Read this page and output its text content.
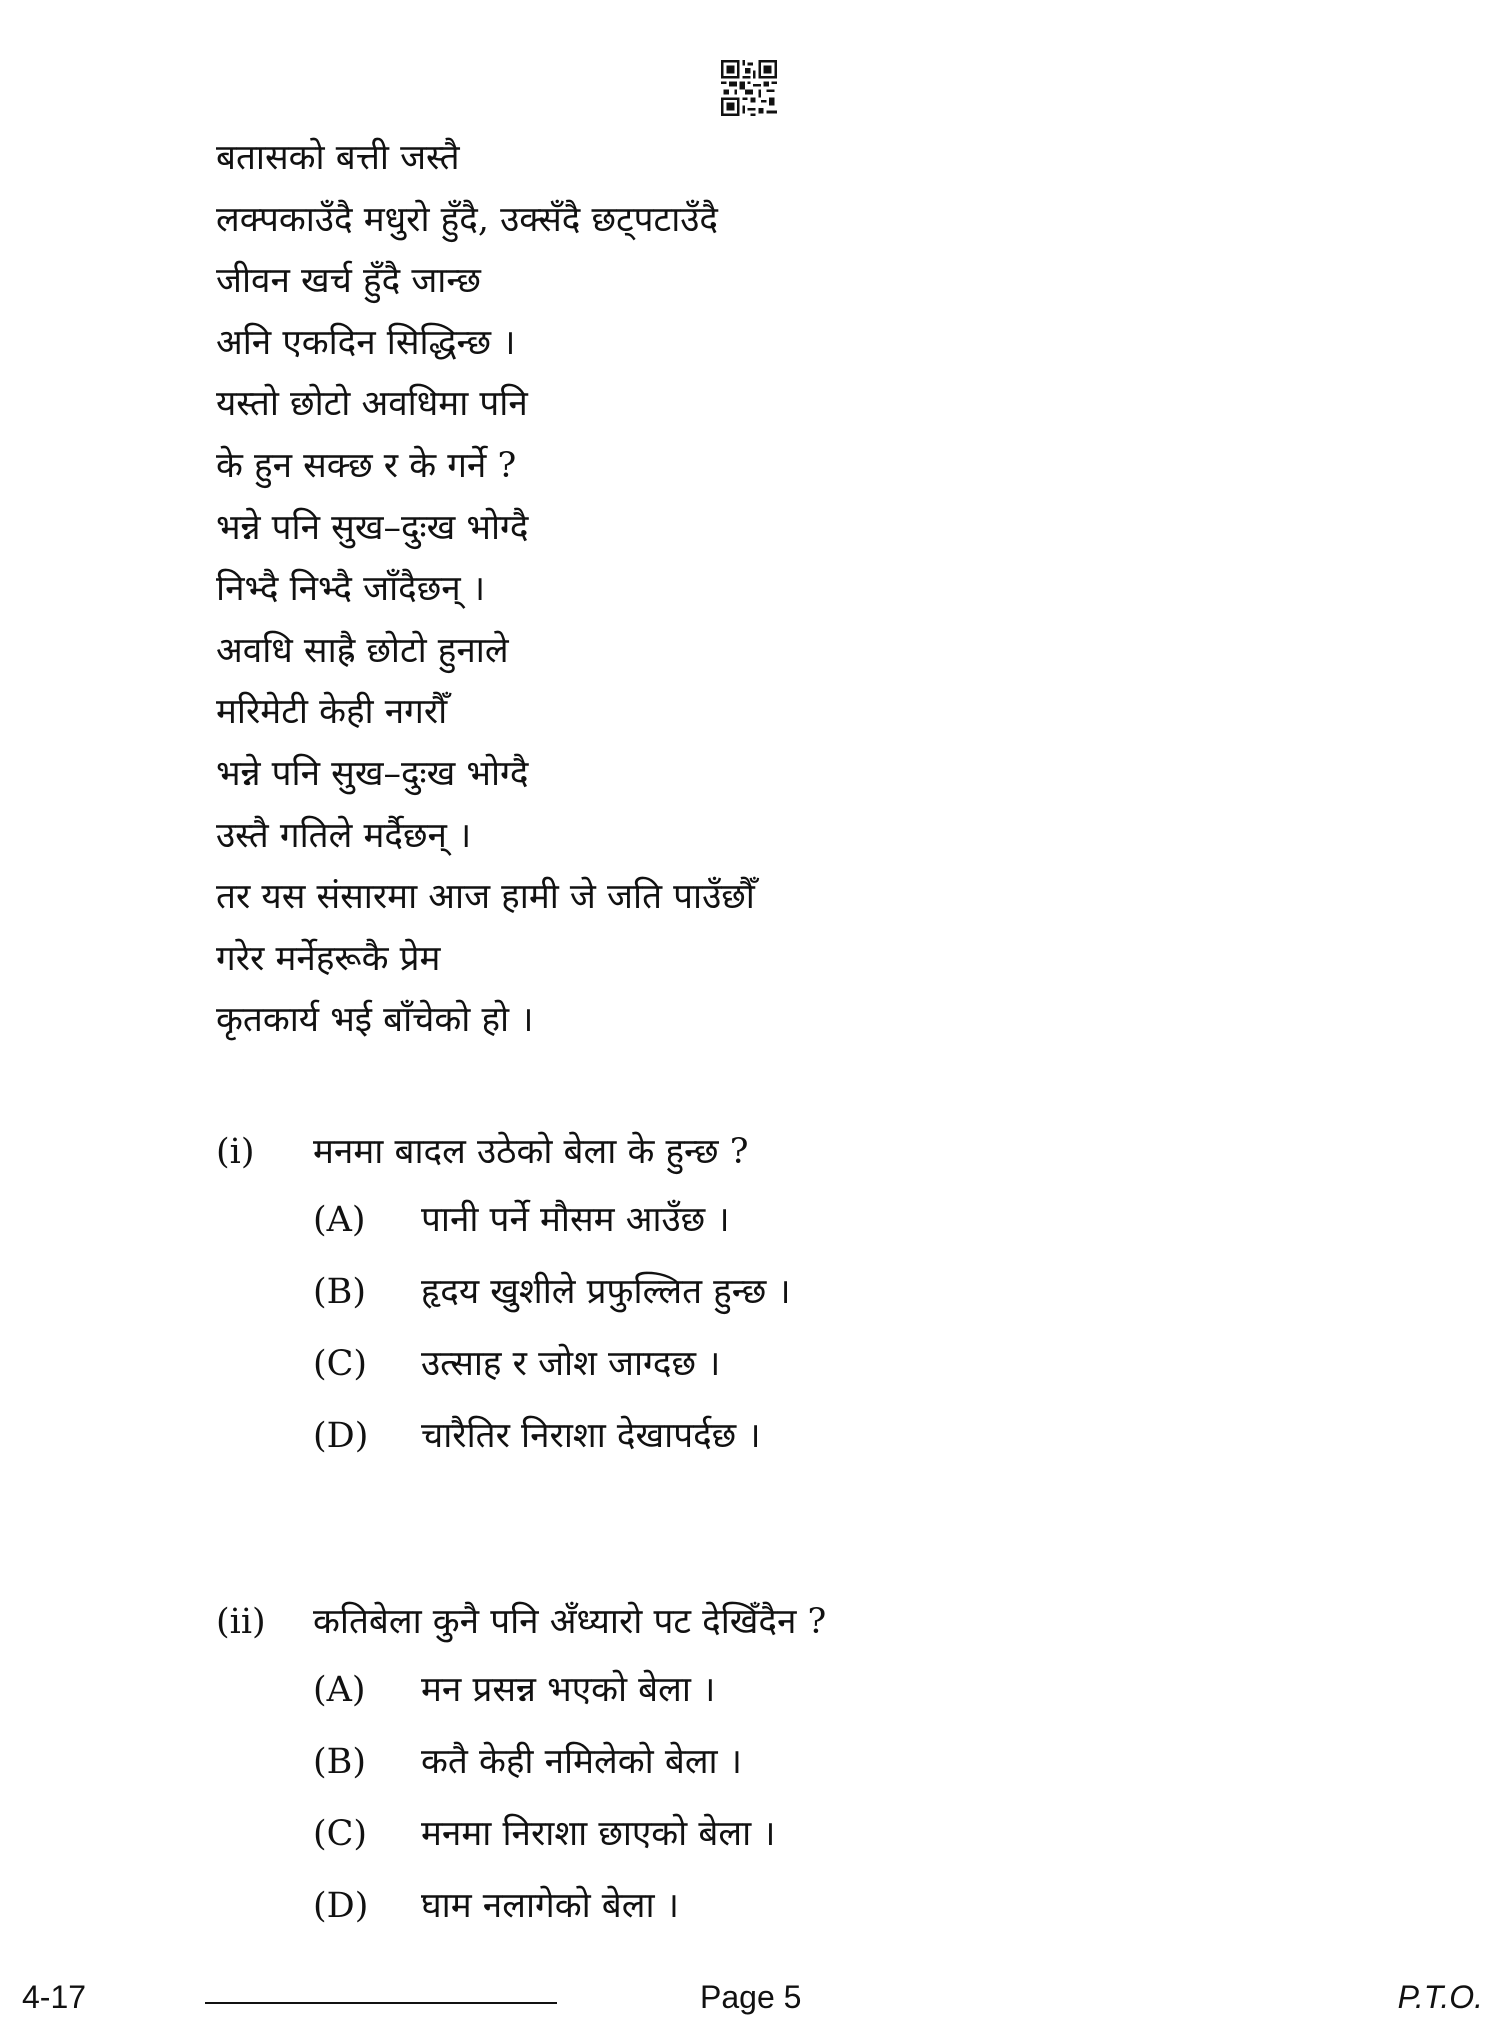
बतासको बत्ती जस्तै
लक्पकाउँदै मधुरो हुँदै, उक्सँदै छट्पटाउँदै
जीवन खर्च हुँदै जान्छ
अनि एकदिन सिद्धिन्छ ।
यस्तो छोटो अवधिमा पनि
के हुन सक्छ र के गर्ने ?
भन्ने पनि सुख–दुःख भोग्दै
निभ्दै निभ्दै जाँदैछन् ।
अवधि साह्रै छोटो हुनाले
मरिमेटी केही नगरौँ
भन्ने पनि सुख–दुःख भोग्दै
उस्तै गतिले मर्दैछन् ।
तर यस संसारमा आज हामी जे जति पाउँछौँ
गरेर मर्नेहरूकै प्रेम
कृतकार्य भई बाँचेको हो ।
(i) मनमा बादल उठेको बेला के हुन्छ ?
(A) पानी पर्ने मौसम आउँछ ।
(B) हृदय खुशीले प्रफुल्लित हुन्छ ।
(C) उत्साह र जोश जाग्दछ ।
(D) चारैतिर निराशा देखापर्दछ ।
(ii) कतिबेला कुनै पनि अँध्यारो पट देखिँदैन ?
(A) मन प्रसन्न भएको बेला ।
(B) कतै केही नमिलेको बेला ।
(C) मनमा निराशा छाएको बेला ।
(D) घाम नलागेको बेला ।
4-17	Page 5	P.T.O.
